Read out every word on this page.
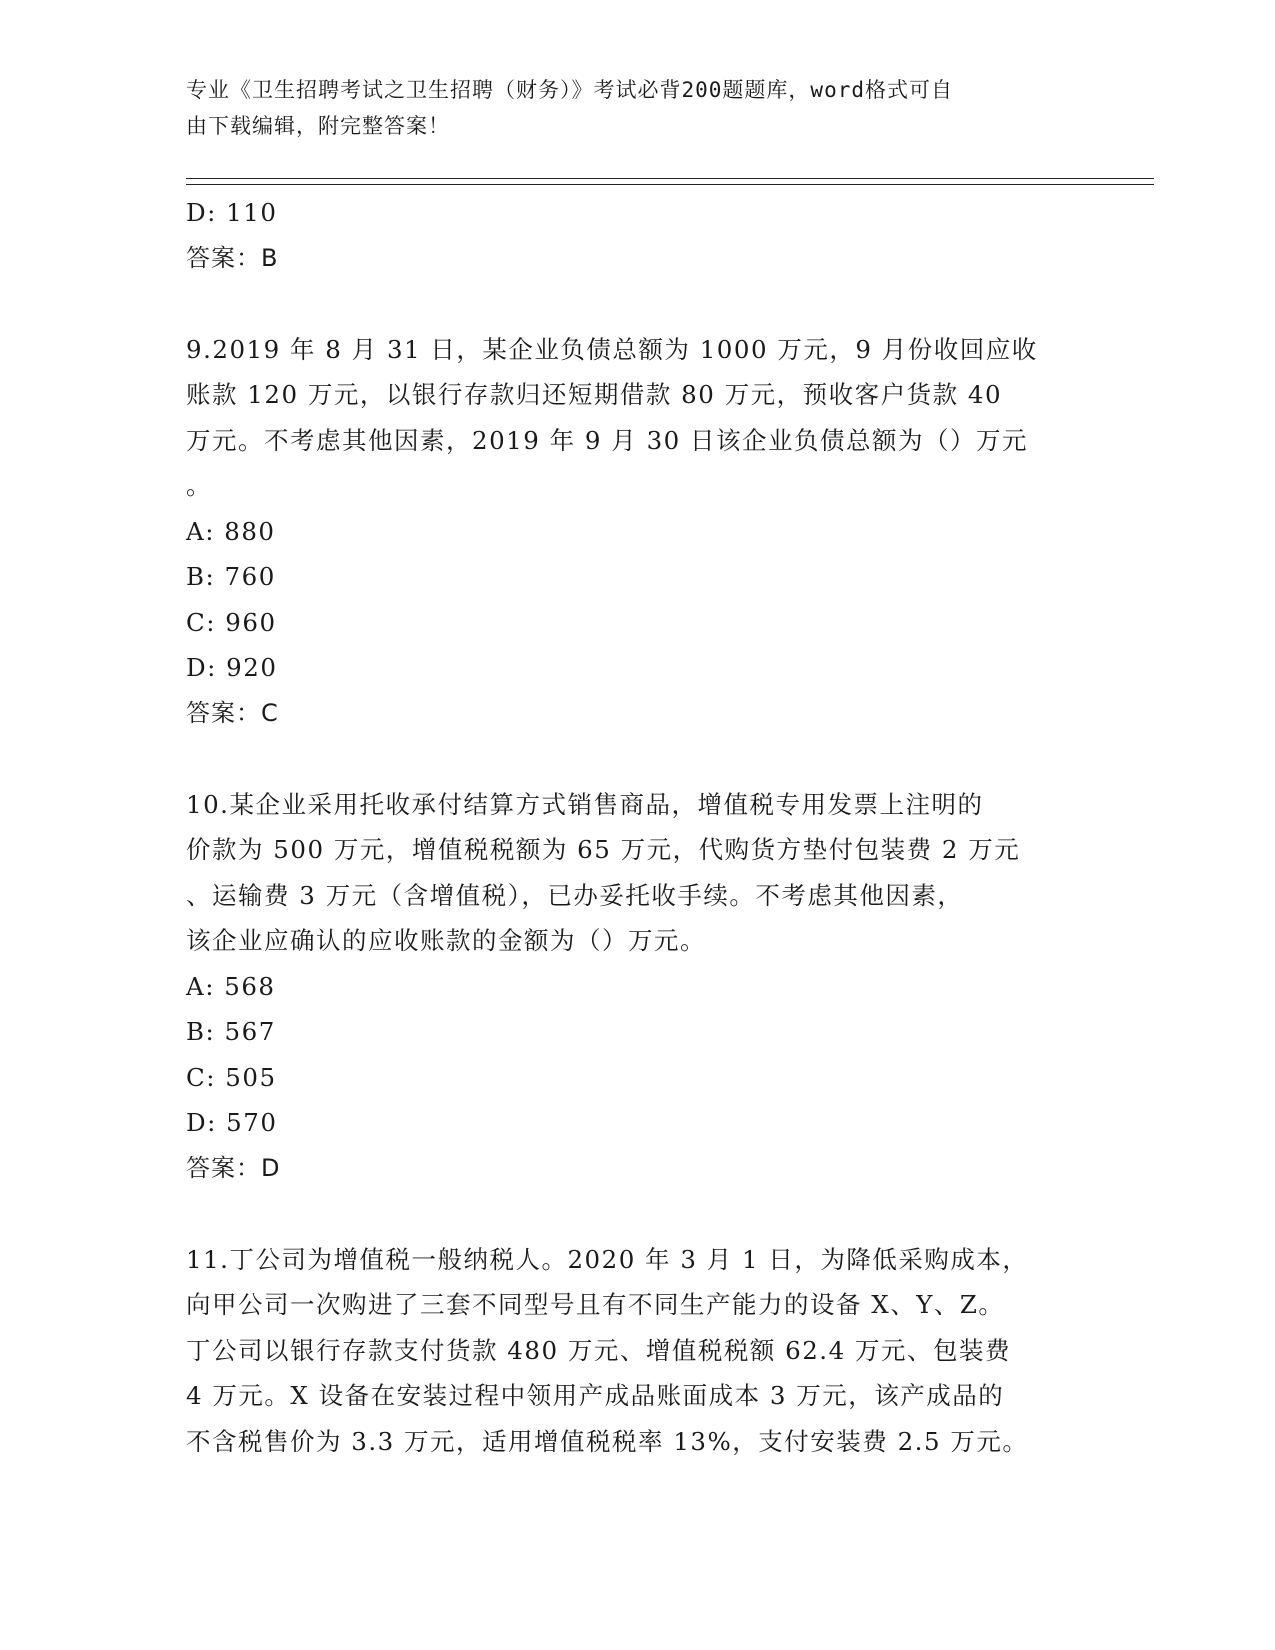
专业《卫生招聘考试之卫生招聘（财务）》考试必背200题题库，word格式可自
由下载编辑，附完整答案！
D: 110
答案：B
9.2019 年 8 月 31 日，某企业负债总额为 1000 万元，9 月份收回应收
账款 120 万元，以银行存款归还短期借款 80 万元，预收客户货款 40
万元。不考虑其他因素，2019 年 9 月 30 日该企业负债总额为（）万元
。
A: 880
B: 760
C: 960
D: 920
答案：C
10.某企业采用托收承付结算方式销售商品，增值税专用发票上注明的
价款为 500 万元，增值税税额为 65 万元，代购货方垫付包装费 2 万元
、运输费 3 万元（含增值税），已办妥托收手续。不考虑其他因素，
该企业应确认的应收账款的金额为（）万元。
A: 568
B: 567
C: 505
D: 570
答案：D
11.丁公司为增值税一般纳税人。2020 年 3 月 1 日，为降低采购成本，
向甲公司一次购进了三套不同型号且有不同生产能力的设备 X、Y、Z。
丁公司以银行存款支付货款 480 万元、增值税税额 62.4 万元、包装费
4 万元。X 设备在安装过程中领用产成品账面成本 3 万元，该产成品的
不含税售价为 3.3 万元，适用增值税税率 13%，支付安装费 2.5 万元。
